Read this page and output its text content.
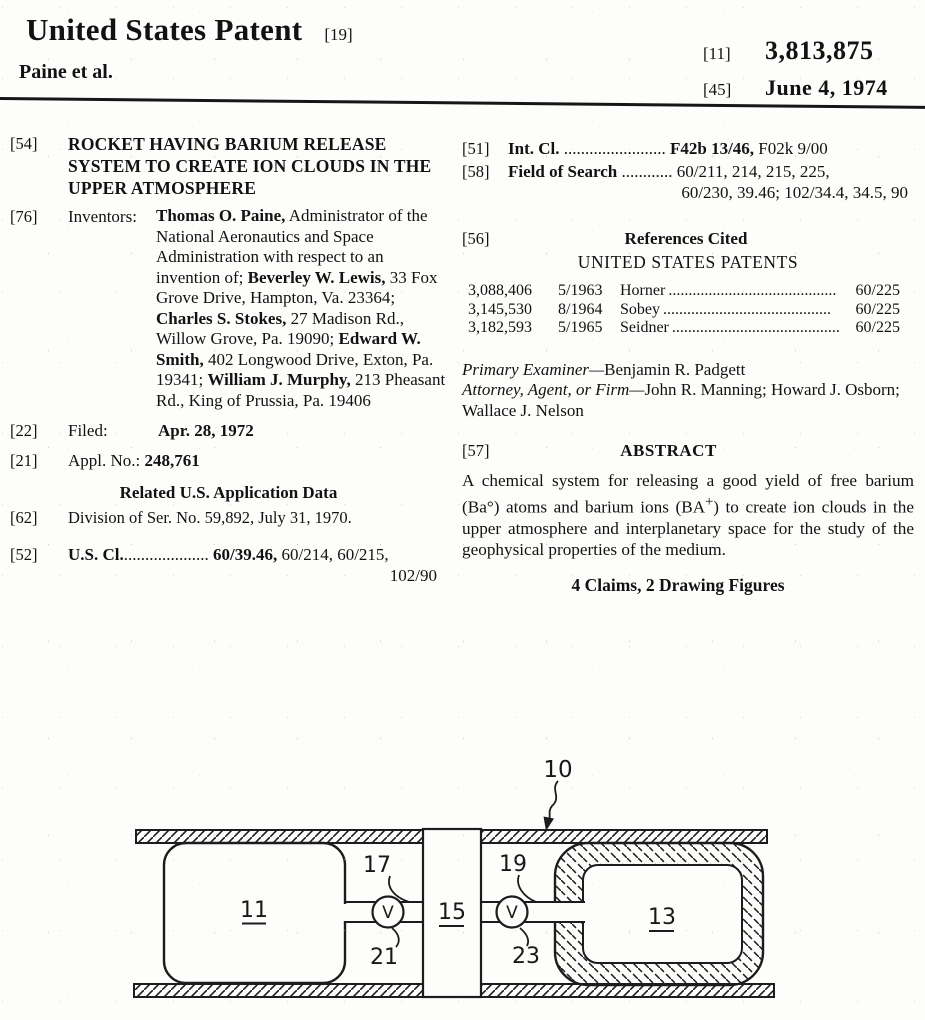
United States Patent [19]
Paine et al.
[11]	3,813,875
[45]	June 4, 1974
[54]	ROCKET HAVING BARIUM RELEASE
SYSTEM TO CREATE ION CLOUDS IN THE
UPPER ATMOSPHERE
[76]	Inventors:	Thomas O. Paine, Administrator of the National Aeronautics and Space Administration with respect to an invention of; Beverley W. Lewis, 33 Fox Grove Drive, Hampton, Va. 23364; Charles S. Stokes, 27 Madison Rd., Willow Grove, Pa. 19090; Edward W. Smith, 402 Longwood Drive, Exton, Pa. 19341; William J. Murphy, 213 Pheasant Rd., King of Prussia, Pa. 19406
[22]	Filed:	Apr. 28, 1972
[21]	Appl. No.: 248,761
Related U.S. Application Data
[62]	Division of Ser. No. 59,892, July 31, 1970.
[52]	U.S. Cl..................... 60/39.46, 60/214, 60/215,
102/90
[51]	Int. Cl. ........................ F42b 13/46, F02k 9/00
[58]	Field of Search ............ 60/211, 214, 215, 225,
60/230, 39.46; 102/34.4, 34.5, 90
[56]	References Cited
UNITED STATES PATENTS
3,088,406	5/1963	Horner ..........................................	60/225
3,145,530	8/1964	Sobey ..........................................	60/225
3,182,593	5/1965	Seidner .......................................... 60/225
Primary Examiner—Benjamin R. Padgett
Attorney, Agent, or Firm—John R. Manning; Howard J. Osborn; Wallace J. Nelson
[57]	ABSTRACT
A chemical system for releasing a good yield of free barium (Ba°) atoms and barium ions (BA+) to create ion clouds in the upper atmosphere and interplanetary space for the study of the geophysical properties of the medium.
4 Claims, 2 Drawing Figures
V	V
10
11	15	13
17	19
21	23
